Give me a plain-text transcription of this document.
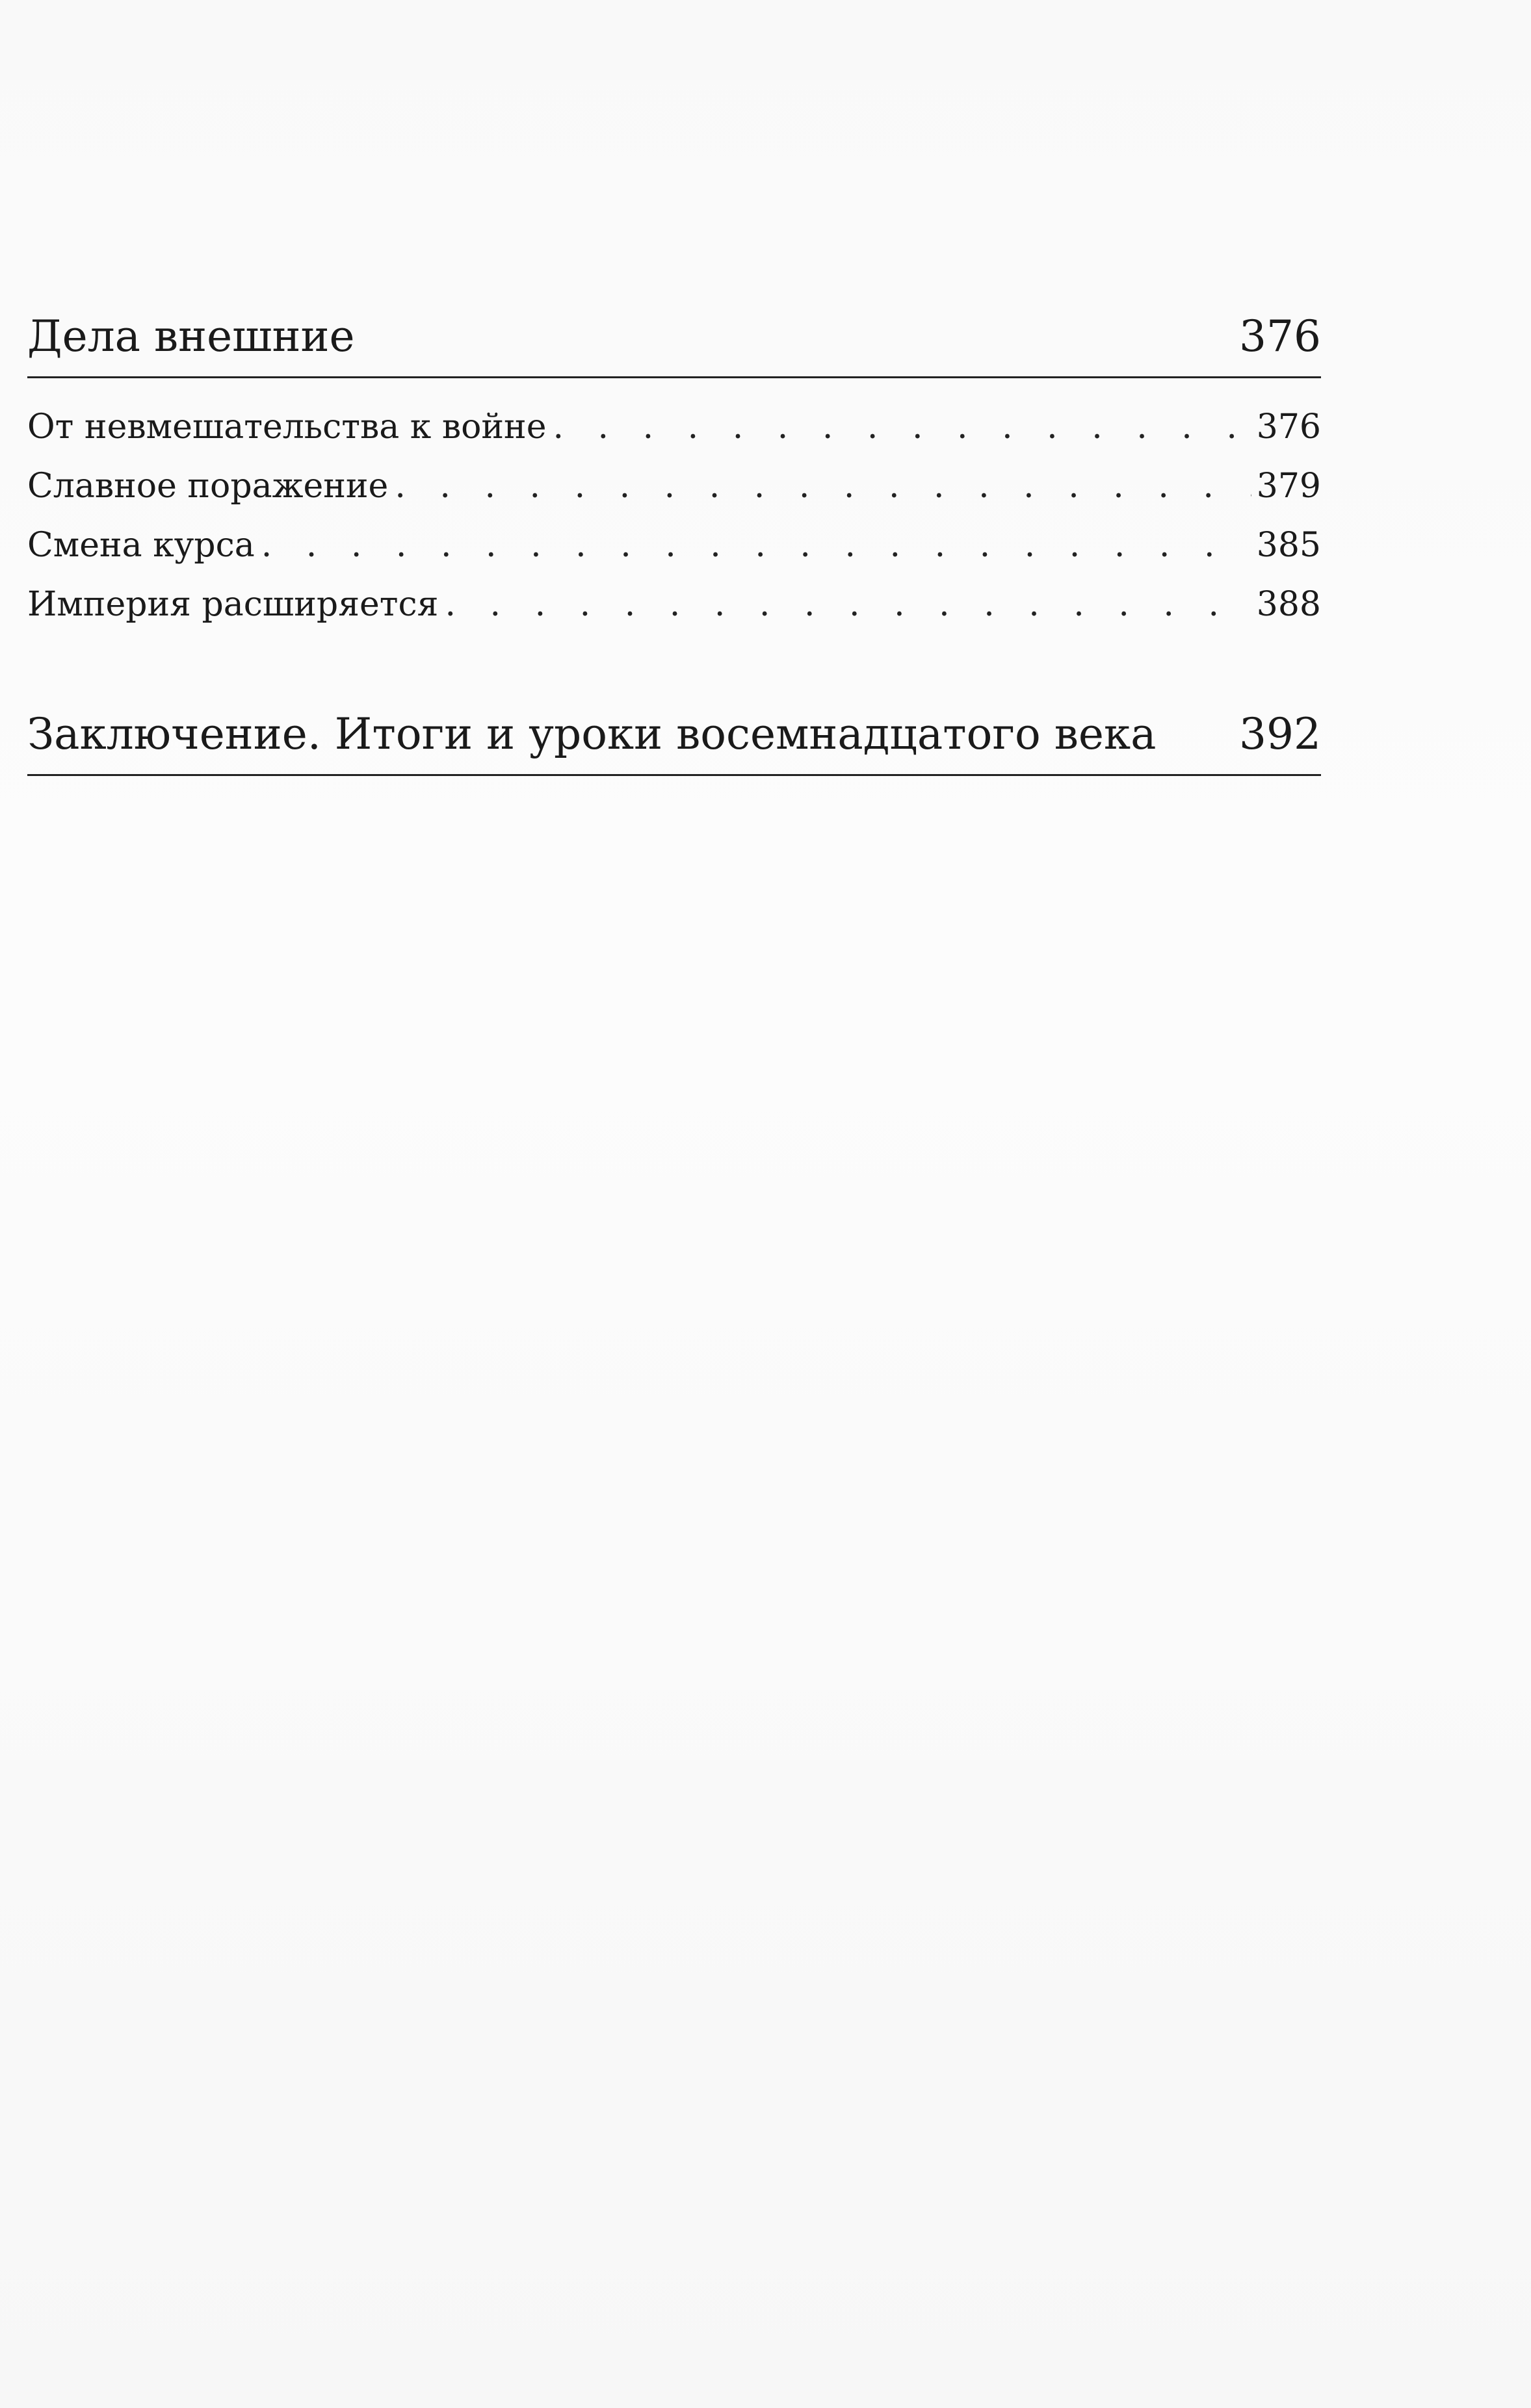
Дела внешние	376
От невмешательства к войне . . .	376
Славное поражение . . .	379
Смена курса . . .	385
Империя расширяется . . .	388
Заключение. Итоги и уроки восемнадцатого века 392
